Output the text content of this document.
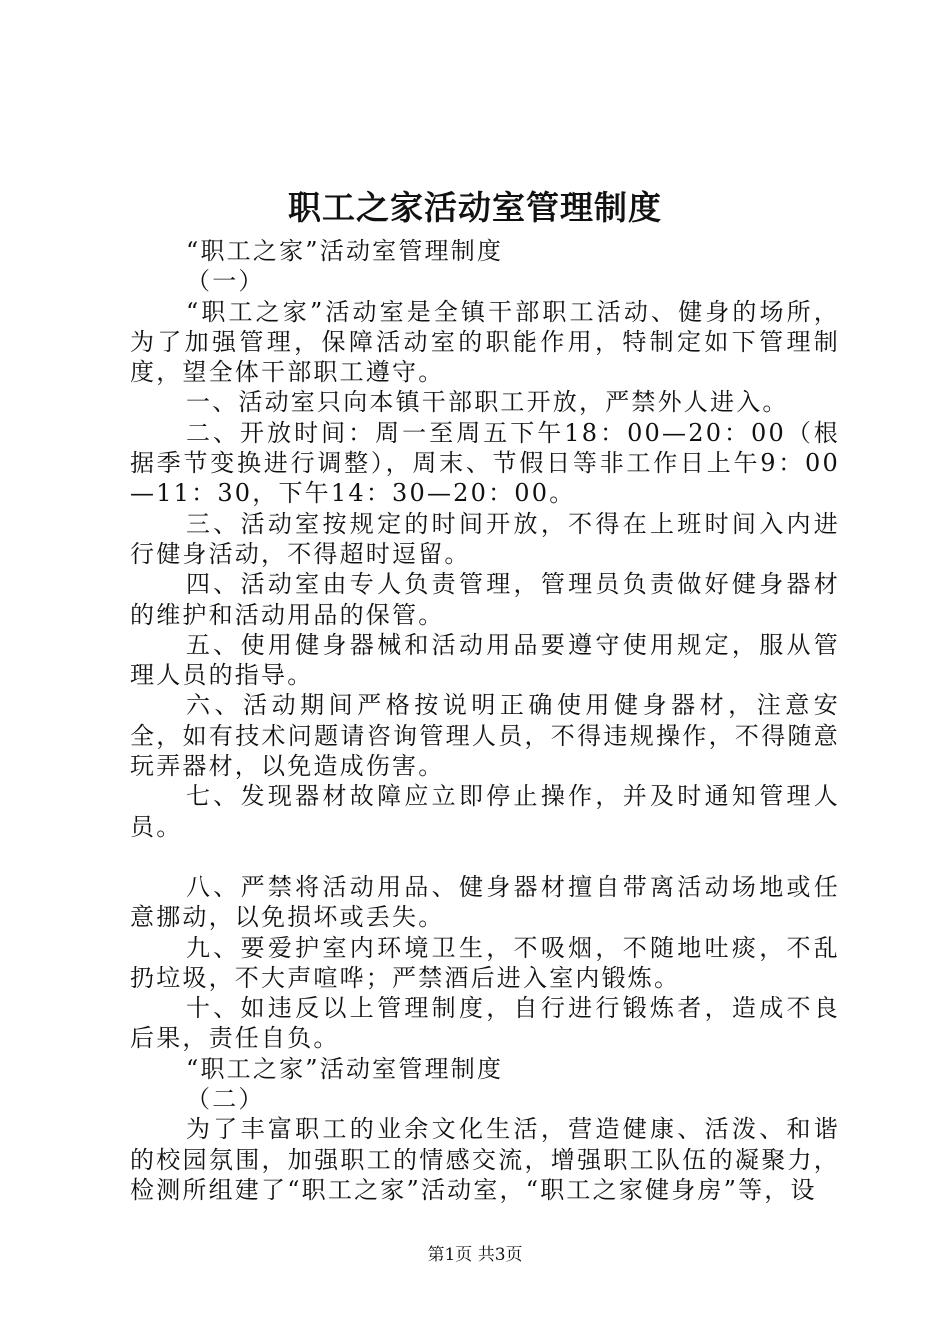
职工之家活动室管理制度

“职工之家”活动室管理制度

（一）

“职工之家”活动室是全镇干部职工活动、健身的场所，为了加强管理，保障活动室的职能作用，特制定如下管理制度，望全体干部职工遵守。

一、活动室只向本镇干部职工开放，严禁外人进入。

二、开放时间：周一至周五下午18：00—20：00（根据季节变换进行调整），周末、节假日等非工作日上午9：00—11：30，下午14：30—20：00。

三、活动室按规定的时间开放，不得在上班时间入内进行健身活动，不得超时逗留。

四、活动室由专人负责管理，管理员负责做好健身器材的维护和活动用品的保管。

五、使用健身器械和活动用品要遵守使用规定，服从管理人员的指导。

六、活动期间严格按说明正确使用健身器材，注意安全，如有技术问题请咨询管理人员，不得违规操作，不得随意玩弄器材，以免造成伤害。

七、发现器材故障应立即停止操作，并及时通知管理人员。

八、严禁将活动用品、健身器材擅自带离活动场地或任意挪动，以免损坏或丢失。

九、要爱护室内环境卫生，不吸烟，不随地吐痰，不乱扔垃圾，不大声喧哗；严禁酒后进入室内锻炼。

十、如违反以上管理制度，自行进行锻炼者，造成不良后果，责任自负。

“职工之家”活动室管理制度

（二）

为了丰富职工的业余文化生活，营造健康、活泼、和谐的校园氛围，加强职工的情感交流，增强职工队伍的凝聚力，检测所组建了“职工之家”活动室，“职工之家健身房”等，设

第1页 共3页
